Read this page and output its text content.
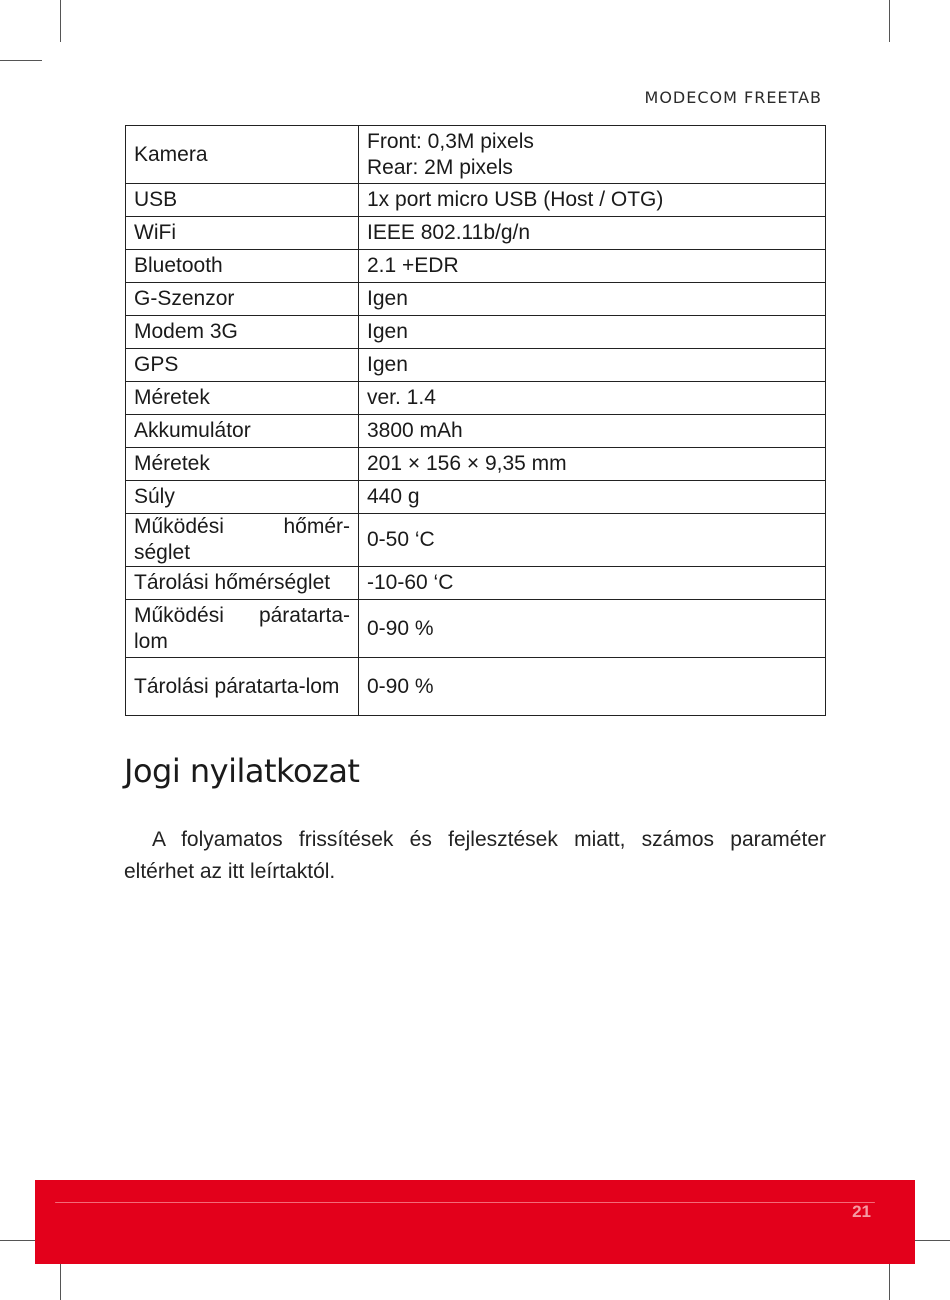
MODECOM FREETAB
Kamera	Front: 0,3M pixels
Rear: 2M pixels

USB	1x port micro USB (Host / OTG)

WiFi	IEEE 802.11b/g/n

Bluetooth	2.1 +EDR

G-Szenzor	Igen

Modem 3G	Igen

GPS	Igen

Méretek	ver. 1.4

Akkumulátor	3800 mAh

Méretek	201 × 156 × 9,35 mm

Súly	440 g

Működési hőmér-séglet	0-50 ‘C

Tárolási hőmérséglet	-10-60 ‘C

Működési páratarta-lom	0-90 %

Tárolási páratarta-lom	0-90 %
Jogi nyilatkozat

A folyamatos frissítések és fejlesztések miatt, számos paraméter eltérhet az itt leírtaktól.

21
